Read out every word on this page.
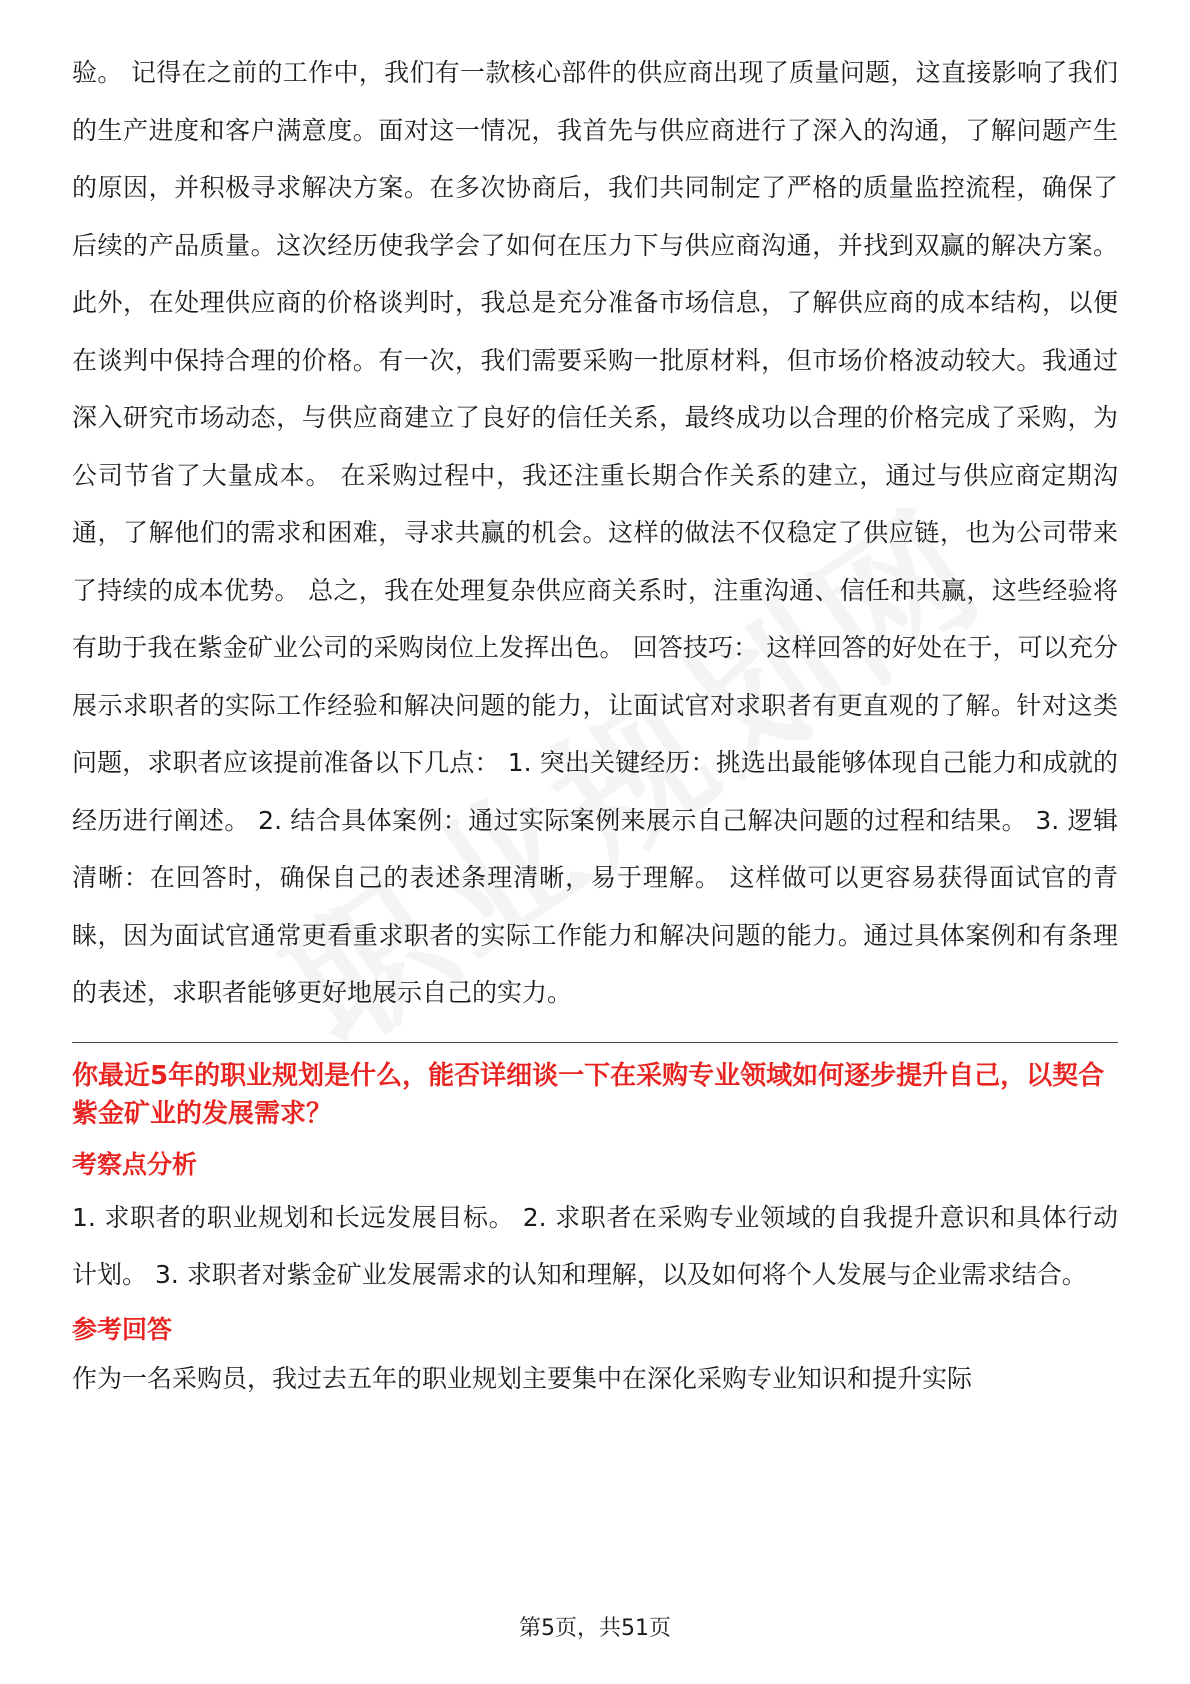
验。 记得在之前的工作中，我们有一款核心部件的供应商出现了质量问题，这直接影响了我们的生产进度和客户满意度。面对这一情况，我首先与供应商进行了深入的沟通，了解问题产生的原因，并积极寻求解决方案。在多次协商后，我们共同制定了严格的质量监控流程，确保了后续的产品质量。这次经历使我学会了如何在压力下与供应商沟通，并找到双赢的解决方案。 此外，在处理供应商的价格谈判时，我总是充分准备市场信息，了解供应商的成本结构，以便在谈判中保持合理的价格。有一次，我们需要采购一批原材料，但市场价格波动较大。我通过深入研究市场动态，与供应商建立了良好的信任关系，最终成功以合理的价格完成了采购，为公司节省了大量成本。 在采购过程中，我还注重长期合作关系的建立，通过与供应商定期沟通，了解他们的需求和困难，寻求共赢的机会。这样的做法不仅稳定了供应链，也为公司带来了持续的成本优势。 总之，我在处理复杂供应商关系时，注重沟通、信任和共赢，这些经验将有助于我在紫金矿业公司的采购岗位上发挥出色。 回答技巧： 这样回答的好处在于，可以充分展示求职者的实际工作经验和解决问题的能力，让面试官对求职者有更直观的了解。针对这类问题，求职者应该提前准备以下几点： 1. 突出关键经历：挑选出最能够体现自己能力和成就的经历进行阐述。 2. 结合具体案例：通过实际案例来展示自己解决问题的过程和结果。 3. 逻辑清晰：在回答时，确保自己的表述条理清晰，易于理解。 这样做可以更容易获得面试官的青睐，因为面试官通常更看重求职者的实际工作能力和解决问题的能力。通过具体案例和有条理的表述，求职者能够更好地展示自己的实力。

你最近5年的职业规划是什么，能否详细谈一下在采购专业领域如何逐步提升自己，以契合紫金矿业的发展需求？

考察点分析

1. 求职者的职业规划和长远发展目标。 2. 求职者在采购专业领域的自我提升意识和具体行动计划。 3. 求职者对紫金矿业发展需求的认知和理解，以及如何将个人发展与企业需求结合。

参考回答

作为一名采购员，我过去五年的职业规划主要集中在深化采购专业知识和提升实际

第5页，共51页
